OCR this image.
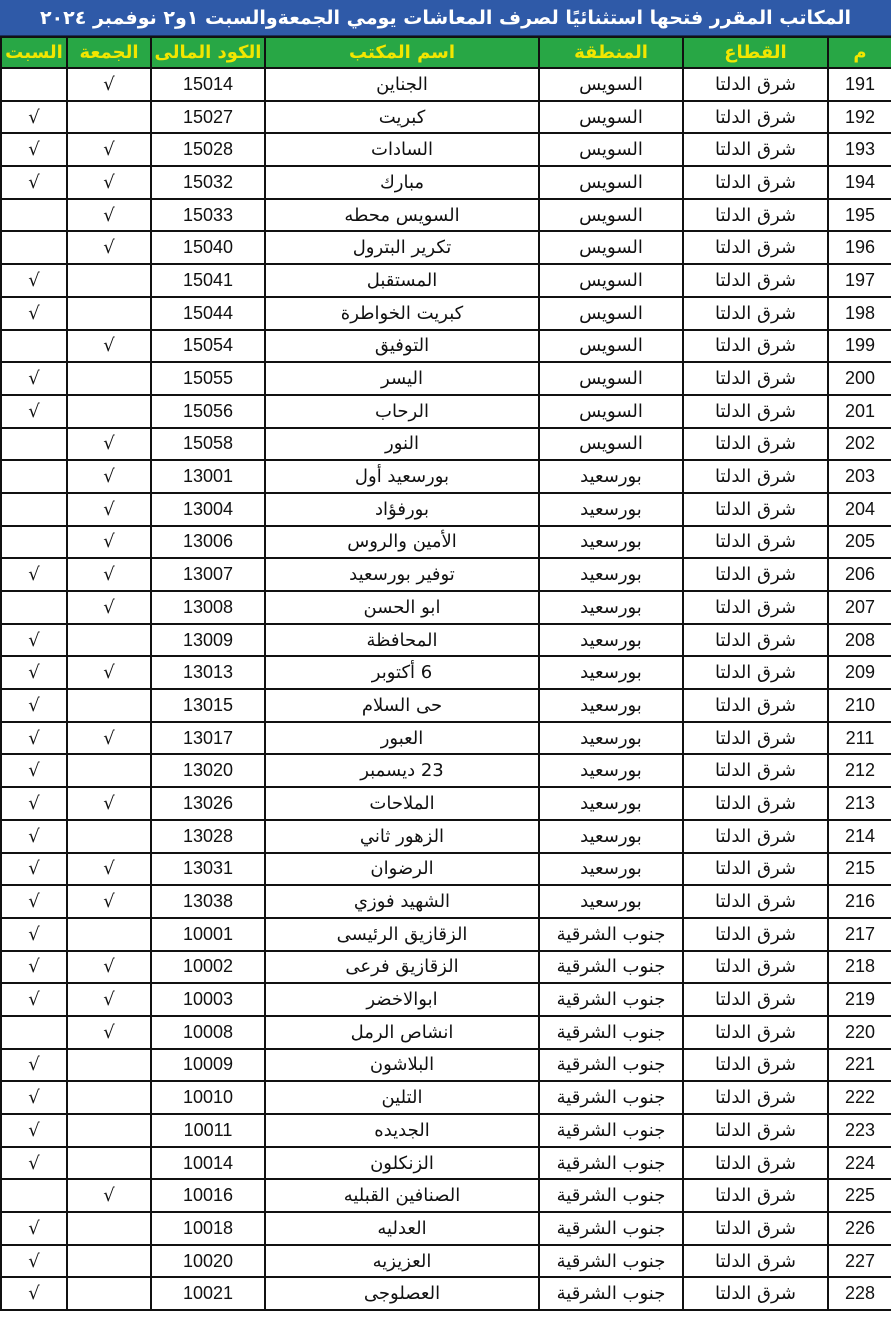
المكاتب المقرر فتحها استثنائيًا لصرف المعاشات يومي الجمعةوالسبت ١و٢ نوفمبر ٢٠٢٤
م	القطاع	المنطقة	اسم المكتب	الكود المالى	الجمعة	السبت
191	شرق الدلتا	السويس	الجناين	15014	√	
192	شرق الدلتا	السويس	كبريت	15027		√
193	شرق الدلتا	السويس	السادات	15028	√	√
194	شرق الدلتا	السويس	مبارك	15032	√	√
195	شرق الدلتا	السويس	السويس محطه	15033	√	
196	شرق الدلتا	السويس	تكرير البترول	15040	√	
197	شرق الدلتا	السويس	المستقبل	15041		√
198	شرق الدلتا	السويس	كبريت الخواطرة	15044		√
199	شرق الدلتا	السويس	التوفيق	15054	√	
200	شرق الدلتا	السويس	اليسر	15055		√
201	شرق الدلتا	السويس	الرحاب	15056		√
202	شرق الدلتا	السويس	النور	15058	√	
203	شرق الدلتا	بورسعيد	بورسعيد أول	13001	√	
204	شرق الدلتا	بورسعيد	بورفؤاد	13004	√	
205	شرق الدلتا	بورسعيد	الأمين والروس	13006	√	
206	شرق الدلتا	بورسعيد	توفير بورسعيد	13007	√	√
207	شرق الدلتا	بورسعيد	ابو الحسن	13008	√	
208	شرق الدلتا	بورسعيد	المحافظة	13009		√
209	شرق الدلتا	بورسعيد	6 أكتوبر	13013	√	√
210	شرق الدلتا	بورسعيد	حى السلام	13015		√
211	شرق الدلتا	بورسعيد	العبور	13017	√	√
212	شرق الدلتا	بورسعيد	23 ديسمبر	13020		√
213	شرق الدلتا	بورسعيد	الملاحات	13026	√	√
214	شرق الدلتا	بورسعيد	الزهور ثاني	13028		√
215	شرق الدلتا	بورسعيد	الرضوان	13031	√	√
216	شرق الدلتا	بورسعيد	الشهيد فوزي	13038	√	√
217	شرق الدلتا	جنوب الشرقية	الزقازيق الرئيسى	10001		√
218	شرق الدلتا	جنوب الشرقية	الزقازيق فرعى	10002	√	√
219	شرق الدلتا	جنوب الشرقية	ابوالاخضر	10003	√	√
220	شرق الدلتا	جنوب الشرقية	انشاص الرمل	10008	√	
221	شرق الدلتا	جنوب الشرقية	البلاشون	10009		√
222	شرق الدلتا	جنوب الشرقية	التلين	10010		√
223	شرق الدلتا	جنوب الشرقية	الجديده	10011		√
224	شرق الدلتا	جنوب الشرقية	الزنكلون	10014		√
225	شرق الدلتا	جنوب الشرقية	الصنافين القبليه	10016	√	
226	شرق الدلتا	جنوب الشرقية	العدليه	10018		√
227	شرق الدلتا	جنوب الشرقية	العزيزيه	10020		√
228	شرق الدلتا	جنوب الشرقية	العصلوجى	10021		√
